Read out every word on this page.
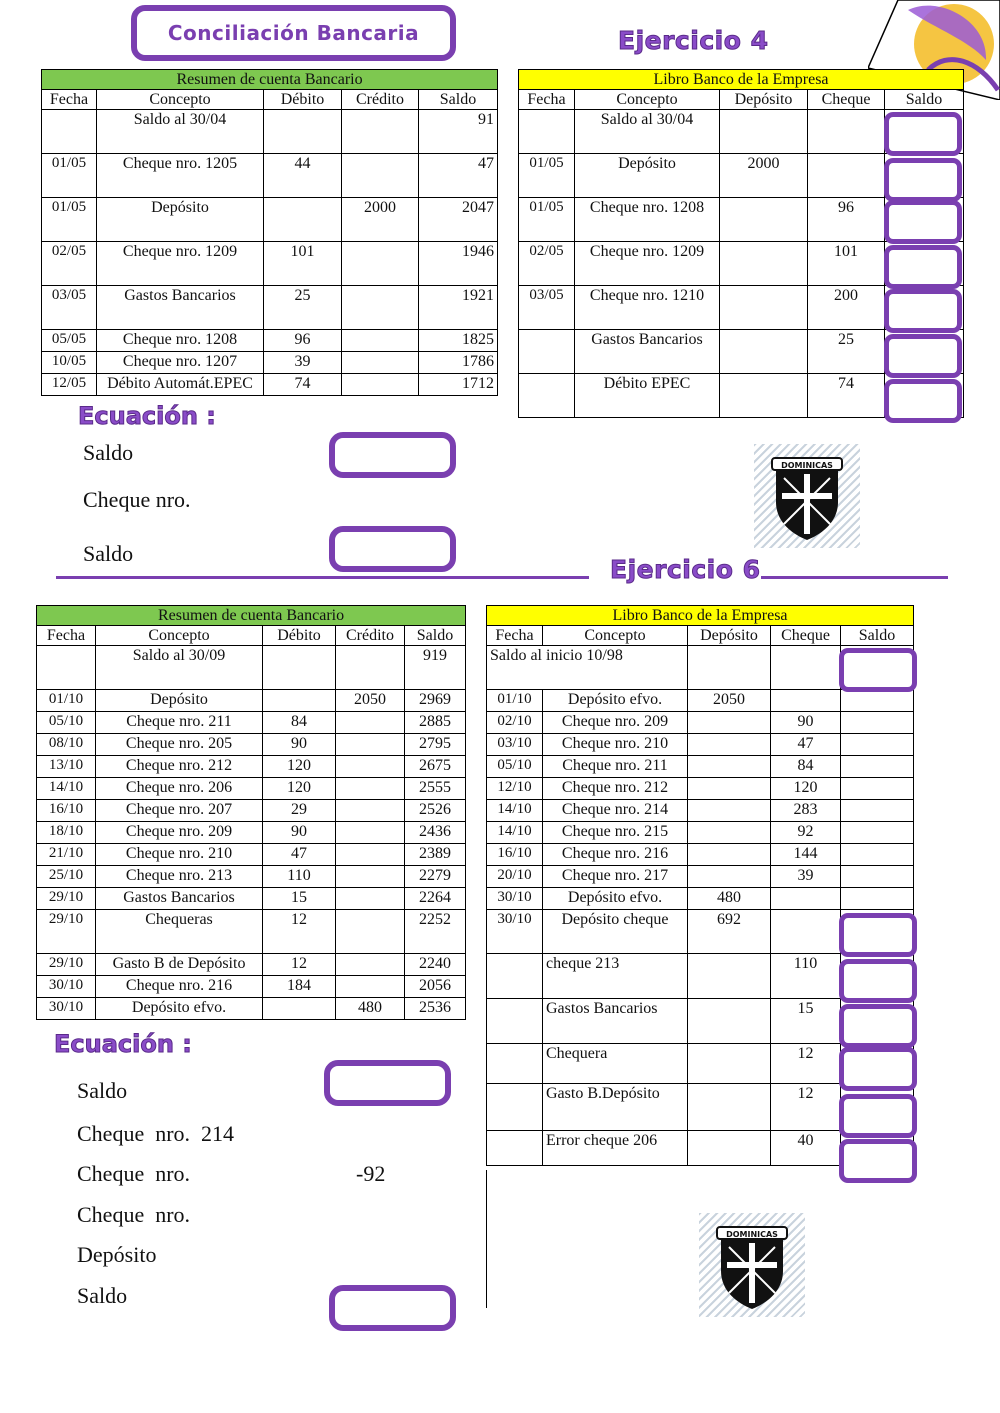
Conciliación Bancaria	Ejercicio 4
Resumen de cuenta Bancario				
Fecha	Concepto	Débito	Crédito	Saldo
	Saldo al 30/04			91
01/05	Cheque nro. 1205	44		47
01/05	Depósito		2000	2047
02/05	Cheque nro. 1209	101		1946
03/05	Gastos Bancarios	25		1921
05/05	Cheque nro. 1208	96		1825
10/05	Cheque nro. 1207	39		1786
12/05	Débito Automát.EPEC	74		1712
Libro Banco de la Empresa				
Fecha	Concepto	Depósito	Cheque	Saldo
	Saldo al 30/04			
01/05	Depósito	2000		
01/05	Cheque nro. 1208		96	
02/05	Cheque nro. 1209		101	
03/05	Cheque nro. 1210		200	
	Gastos Bancarios		25	
	Débito EPEC		74	
Ecuación :
Saldo
Cheque nro.
Saldo
DOMINICAS
Ejercicio 6
Resumen de cuenta Bancario				
Fecha	Concepto	Débito	Crédito	Saldo
	Saldo al 30/09			919
01/10	Depósito		2050	2969
05/10	Cheque nro. 211	84		2885
08/10	Cheque nro. 205	90		2795
13/10	Cheque nro. 212	120		2675
14/10	Cheque nro. 206	120		2555
16/10	Cheque nro. 207	29		2526
18/10	Cheque nro. 209	90		2436
21/10	Cheque nro. 210	47		2389
25/10	Cheque nro. 213	110		2279
29/10	Gastos Bancarios	15		2264
29/10	Chequeras	12		2252
29/10	Gasto B de Depósito	12		2240
30/10	Cheque nro. 216	184		2056
30/10	Depósito efvo.		480	2536
Libro Banco de la Empresa				
Fecha	Concepto	Depósito	Cheque	Saldo
Saldo al inicio 10/98				
01/10	Depósito efvo.	2050		
02/10	Cheque nro. 209		90	
03/10	Cheque nro. 210		47	
05/10	Cheque nro. 211		84	
12/10	Cheque nro. 212		120	
14/10	Cheque nro. 214		283	
14/10	Cheque nro. 215		92	
16/10	Cheque nro. 216		144	
20/10	Cheque nro. 217		39	
30/10	Depósito efvo.	480		
30/10	Depósito cheque	692		
	cheque 213		110	
	Gastos Bancarios		15	
	Chequera		12	
	Gasto B.Depósito		12	
	Error cheque 206		40	
Ecuación :
Saldo
Cheque  nro.  214
Cheque  nro.	-92
Cheque  nro.
Depósito
Saldo
DOMINICAS
